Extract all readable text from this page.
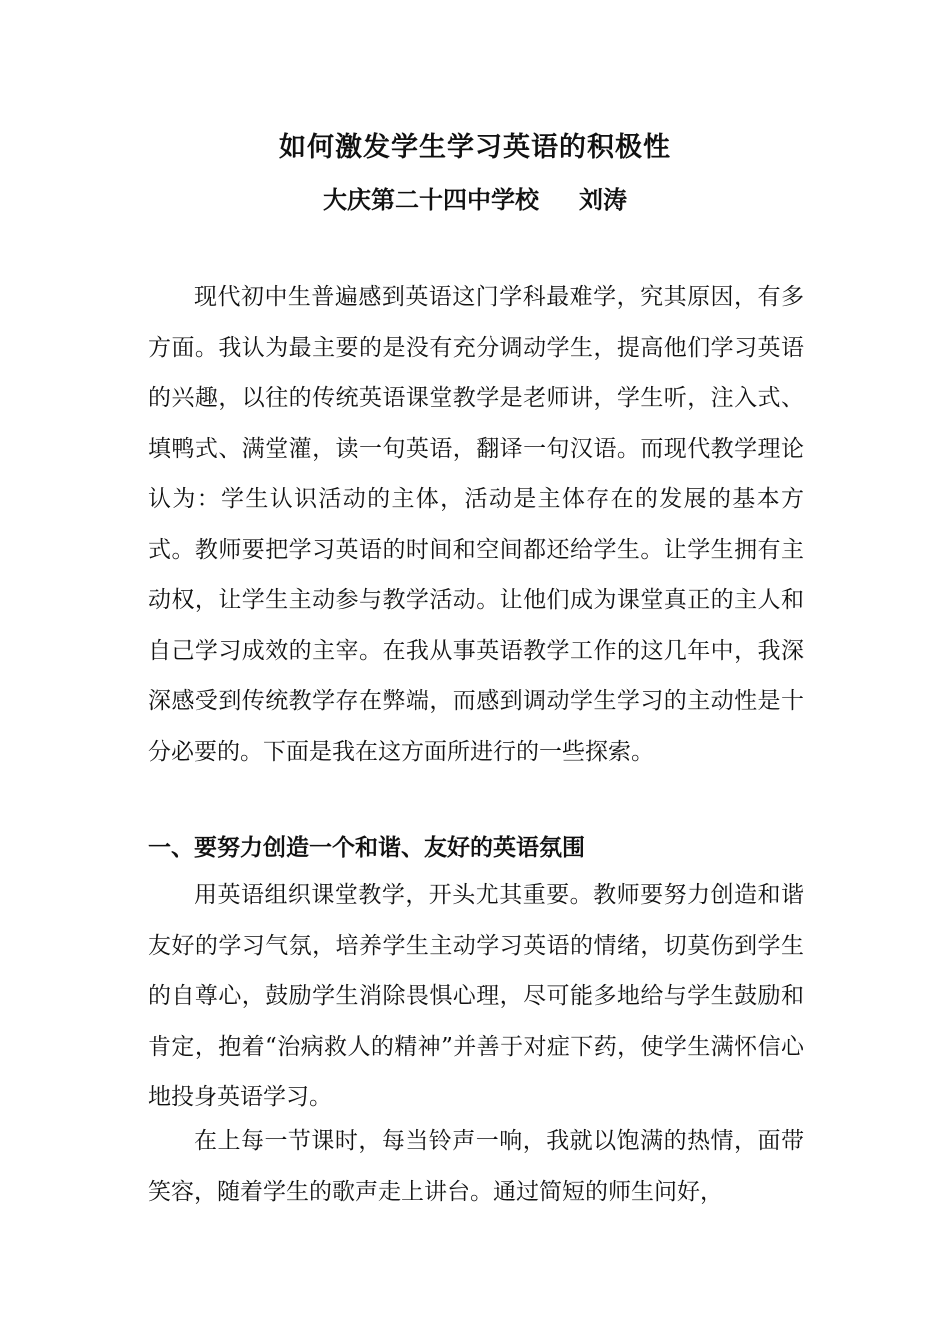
如何激发学生学习英语的积极性
大庆第二十四中学校 刘涛

现代初中生普遍感到英语这门学科最难学，究其原因，有多方面。我认为最主要的是没有充分调动学生，提高他们学习英语的兴趣，以往的传统英语课堂教学是老师讲，学生听，注入式、填鸭式、满堂灌，读一句英语，翻译一句汉语。而现代教学理论认为：学生认识活动的主体，活动是主体存在的发展的基本方式。教师要把学习英语的时间和空间都还给学生。让学生拥有主动权，让学生主动参与教学活动。让他们成为课堂真正的主人和自己学习成效的主宰。在我从事英语教学工作的这几年中，我深深感受到传统教学存在弊端，而感到调动学生学习的主动性是十分必要的。下面是我在这方面所进行的一些探索。

一、要努力创造一个和谐、友好的英语氛围

用英语组织课堂教学，开头尤其重要。教师要努力创造和谐友好的学习气氛，培养学生主动学习英语的情绪，切莫伤到学生的自尊心，鼓励学生消除畏惧心理，尽可能多地给与学生鼓励和肯定，抱着“治病救人的精神”并善于对症下药，使学生满怀信心地投身英语学习。

在上每一节课时，每当铃声一响，我就以饱满的热情，面带笑容，随着学生的歌声走上讲台。通过简短的师生问好，
